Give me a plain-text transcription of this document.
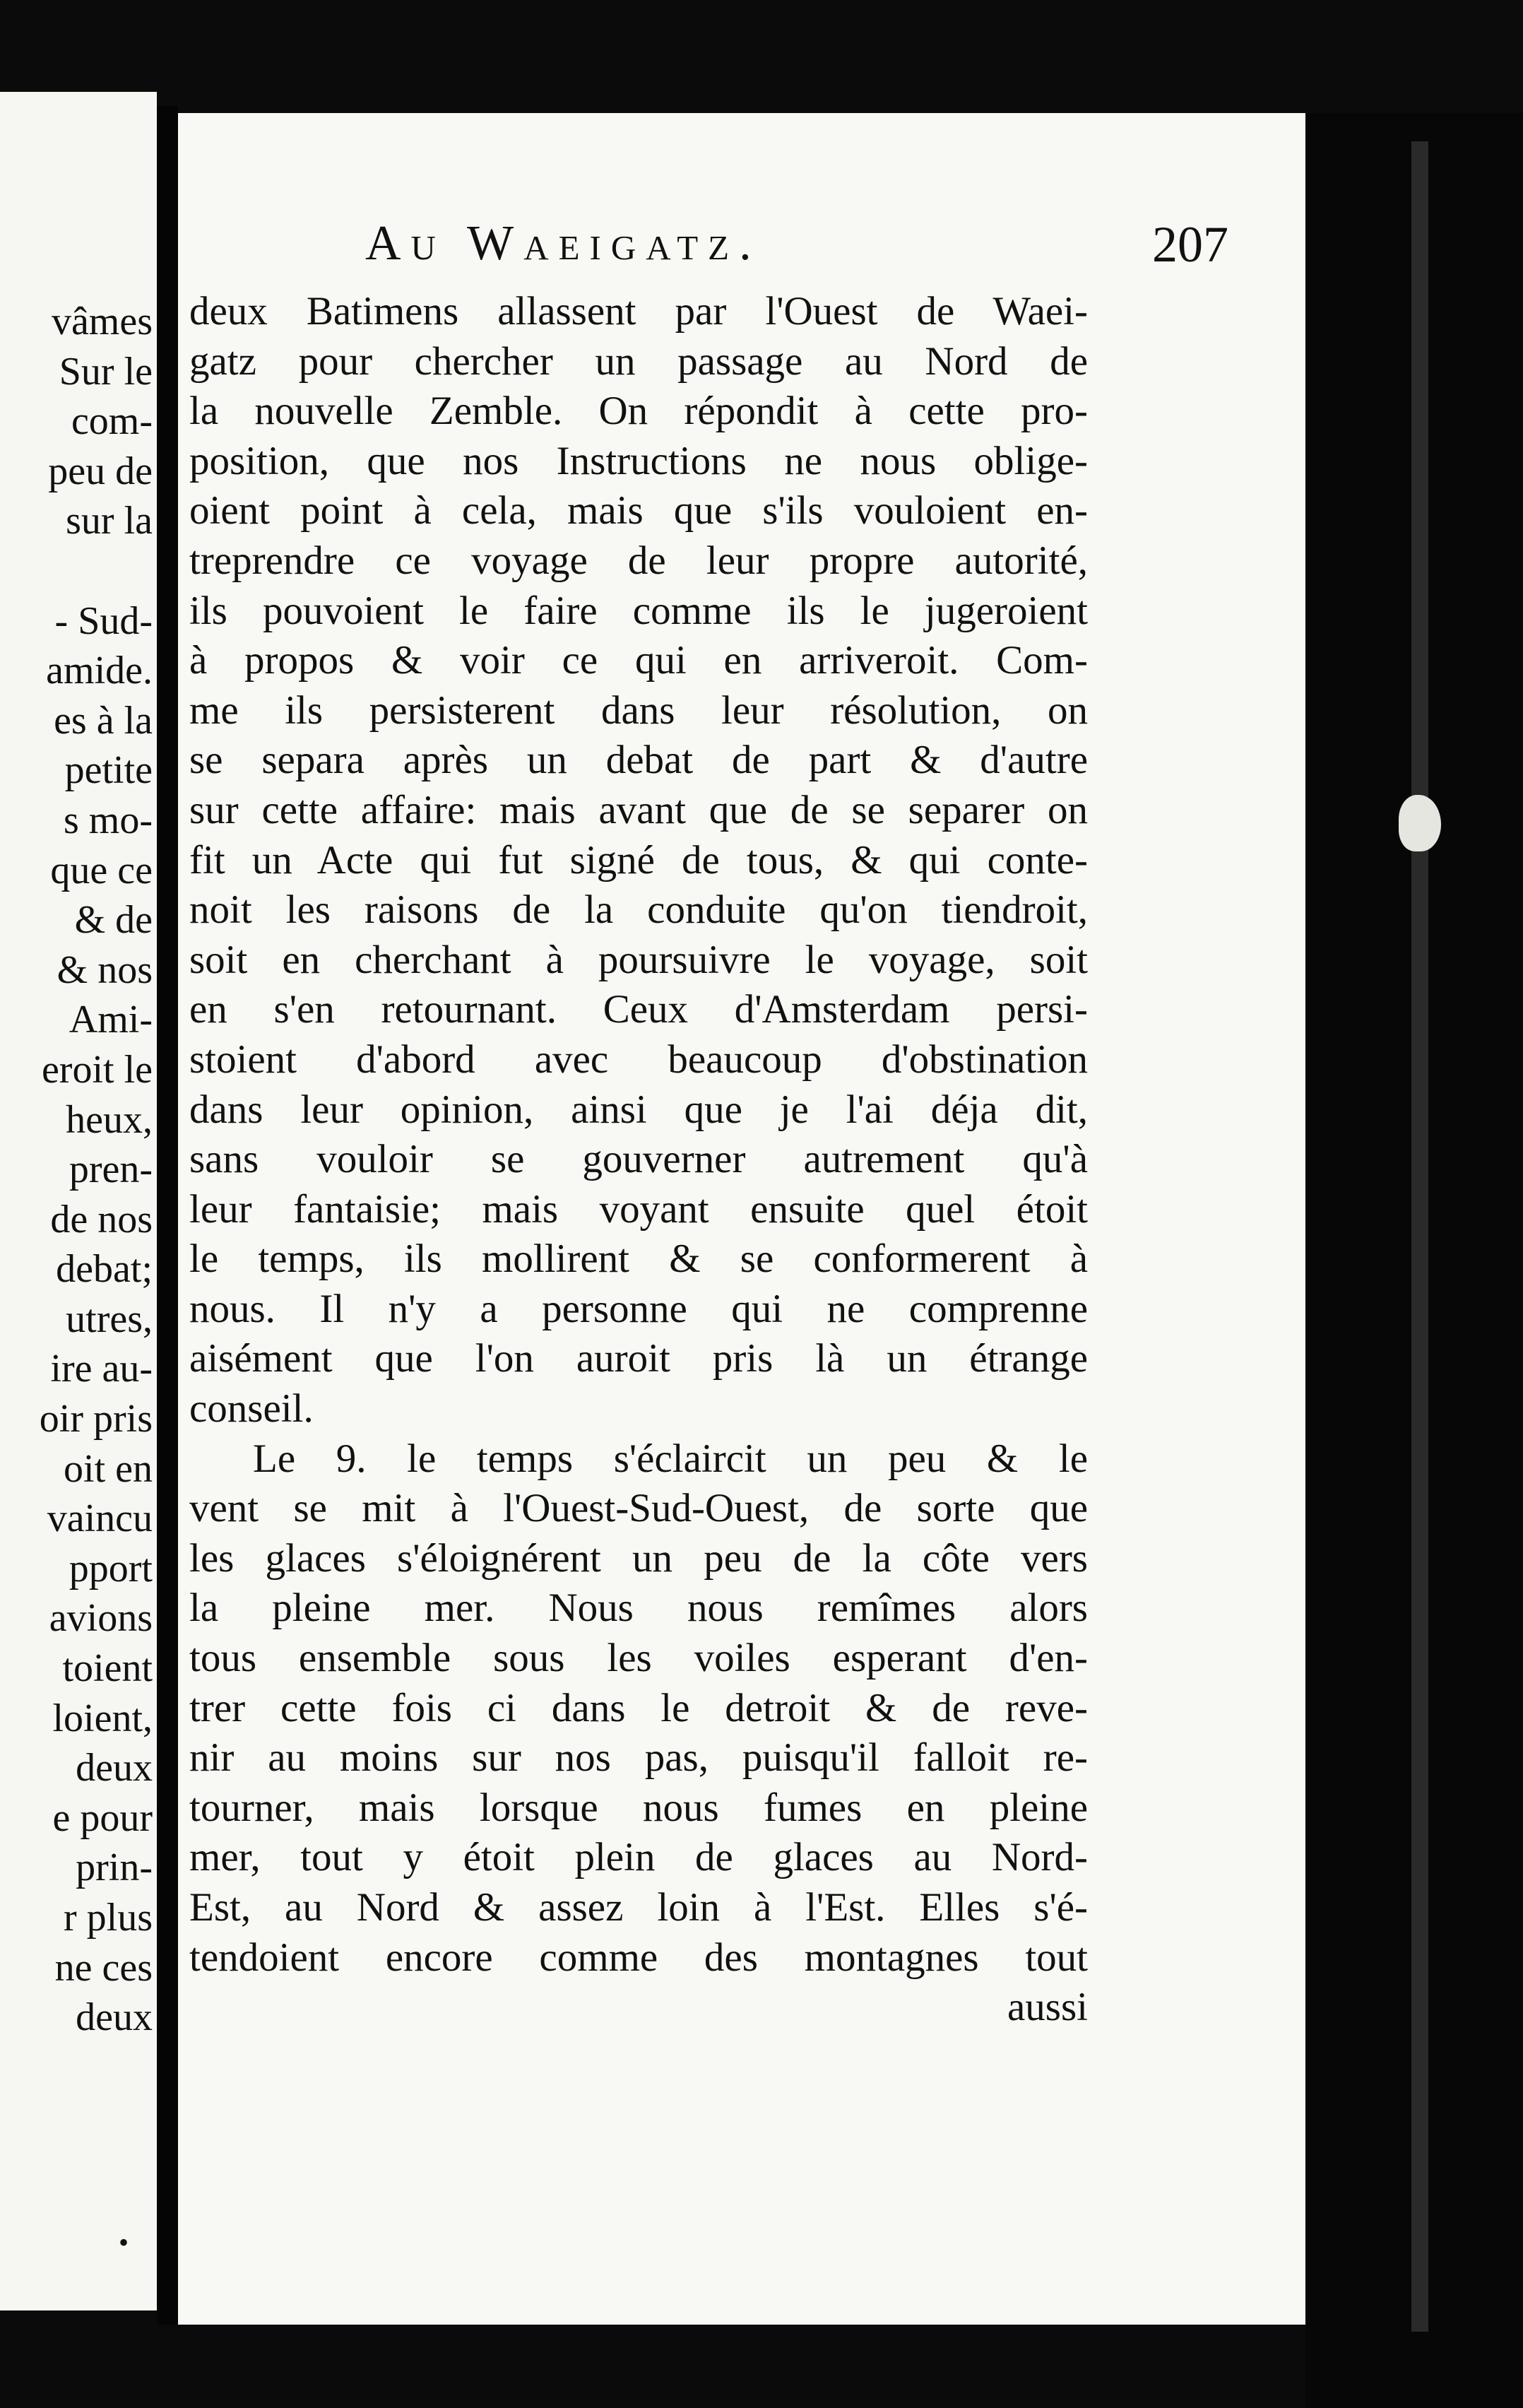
vâmes
Sur le
com-
peu de
sur la
- Sud-
amide.
es à la
petite
s mo-
que ce
& de
& nos
Ami-
eroit le
heux,
pren-
de nos
debat;
utres,
ire au-
oir pris
oit en
vaincu
pport
avions
toient
loient,
deux
e pour
prin-
r plus
ne ces
deux
•
Au Waeigatz.	207
deux Batimens allassent par l'Ouest de Waei-
gatz pour chercher un passage au Nord de
la nouvelle Zemble. On répondit à cette pro-
position, que nos Instructions ne nous oblige-
oient point à cela, mais que s'ils vouloient en-
treprendre ce voyage de leur propre autorité,
ils pouvoient le faire comme ils le jugeroient
à propos & voir ce qui en arriveroit. Com-
me ils persisterent dans leur résolution, on
se separa après un debat de part & d'autre
sur cette affaire: mais avant que de se separer on
fit un Acte qui fut signé de tous, & qui conte-
noit les raisons de la conduite qu'on tiendroit,
soit en cherchant à poursuivre le voyage, soit
en s'en retournant. Ceux d'Amsterdam persi-
stoient d'abord avec beaucoup d'obstination
dans leur opinion, ainsi que je l'ai déja dit,
sans vouloir se gouverner autrement qu'à
leur fantaisie; mais voyant ensuite quel étoit
le temps, ils mollirent & se conformerent à
nous. Il n'y a personne qui ne comprenne
aisément que l'on auroit pris là un étrange
conseil.
Le 9. le temps s'éclaircit un peu & le
vent se mit à l'Ouest-Sud-Ouest, de sorte que
les glaces s'éloignérent un peu de la côte vers
la pleine mer. Nous nous remîmes alors
tous ensemble sous les voiles esperant d'en-
trer cette fois ci dans le detroit & de reve-
nir au moins sur nos pas, puisqu'il falloit re-
tourner, mais lorsque nous fumes en pleine
mer, tout y étoit plein de glaces au Nord-
Est, au Nord & assez loin à l'Est. Elles s'é-
tendoient encore comme des montagnes tout
aussi
